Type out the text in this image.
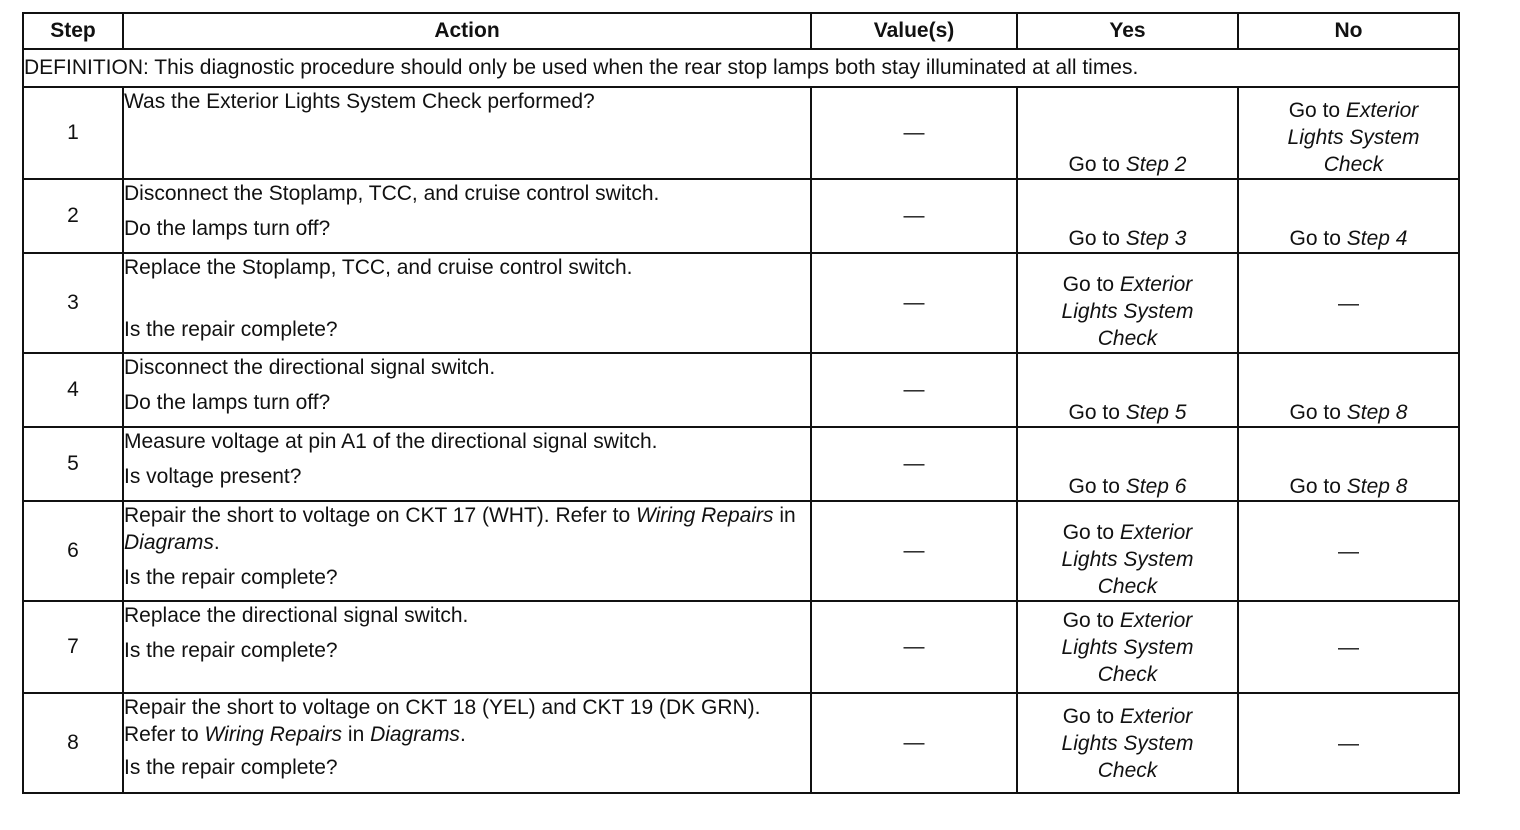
Step	Action	Value(s)	Yes	No
DEFINITION: This diagnostic procedure should only be used when the rear stop lamps both stay illuminated at all times.				
1	Was the Exterior Lights System Check performed?	—	Go to Step 2	Go to Exterior Lights System Check
2	Disconnect the Stoplamp, TCC, and cruise control switch.
Do the lamps turn off?	—	Go to Step 3	Go to Step 4
3	Replace the Stoplamp, TCC, and cruise control switch.
Is the repair complete?	—	Go to Exterior Lights System Check	—
4	Disconnect the directional signal switch.
Do the lamps turn off?	—	Go to Step 5	Go to Step 8
5	Measure voltage at pin A1 of the directional signal switch.
Is voltage present?	—	Go to Step 6	Go to Step 8
6	Repair the short to voltage on CKT 17 (WHT). Refer to Wiring Repairs in Diagrams.
Is the repair complete?	—	Go to Exterior Lights System Check	—
7	Replace the directional signal switch.
Is the repair complete?	—	Go to Exterior Lights System Check	—
8	Repair the short to voltage on CKT 18 (YEL) and CKT 19 (DK GRN). Refer to Wiring Repairs in Diagrams.
Is the repair complete?	—	Go to Exterior Lights System Check	—
